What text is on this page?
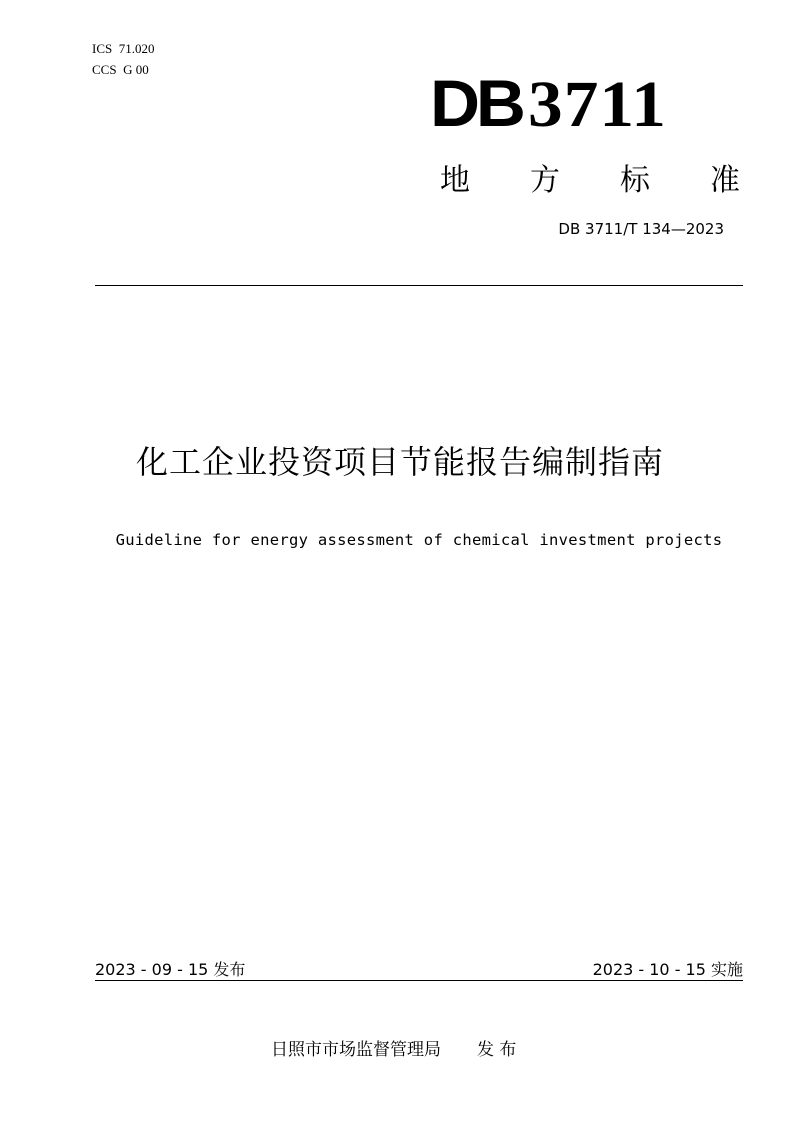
ICS  71.020
CCS  G 00	DB3711
地 方 标 准
DB 3711/T 134—2023
化工企业投资项目节能报告编制指南
Guideline for energy assessment of chemical investment projects
2023 - 09 - 15 发布	2023 - 10 - 15 实施
日照市市场监督管理局 发 布
